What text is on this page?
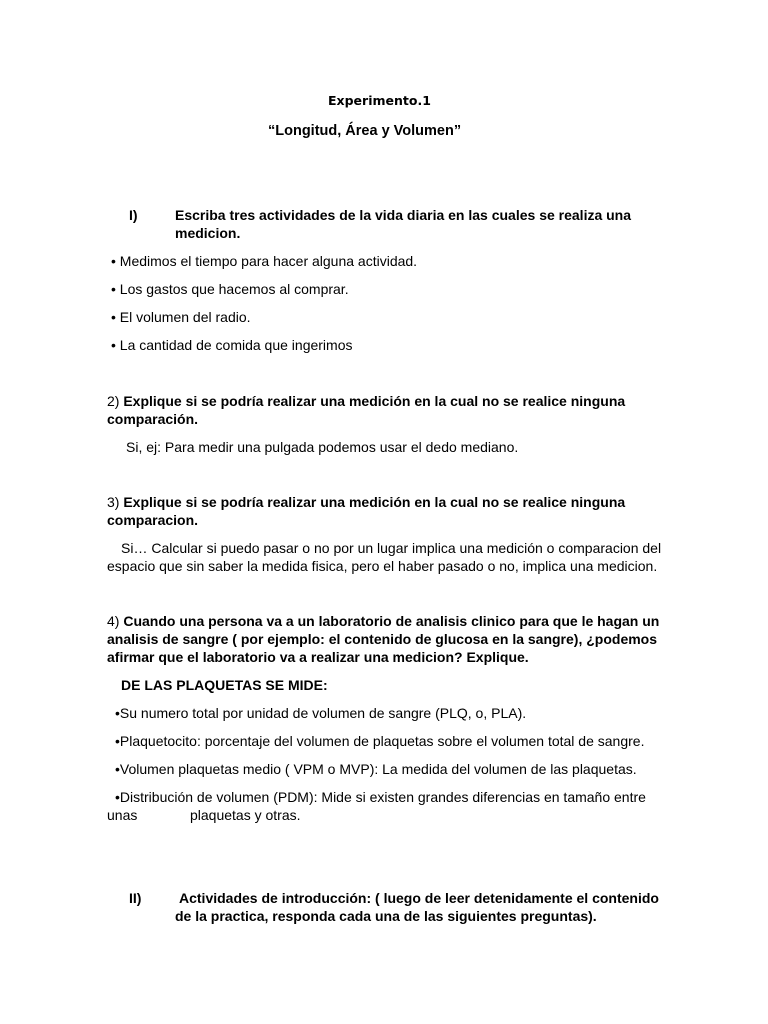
Experimento.1
“Longitud, Área y Volumen”
I)	Escriba tres actividades de la vida diaria en las cuales se realiza una
medicion.
• Medimos el tiempo para hacer alguna actividad.
• Los gastos que hacemos al comprar.
• El volumen del radio.
• La cantidad de comida que ingerimos
2) Explique si se podría realizar una medición en la cual no se realice ninguna
comparación.
Si, ej: Para medir una pulgada podemos usar el dedo mediano.
3) Explique si se podría realizar una medición en la cual no se realice ninguna
comparacion.
Si… Calcular si puedo pasar o no por un lugar implica una medición o comparacion del
espacio que sin saber la medida fisica, pero el haber pasado o no, implica una medicion.
4) Cuando una persona va a un laboratorio de analisis clinico para que le hagan un
analisis de sangre ( por ejemplo: el contenido de glucosa en la sangre), ¿podemos
afirmar que el laboratorio va a realizar una medicion? Explique.
DE LAS PLAQUETAS SE MIDE:
•Su numero total por unidad de volumen de sangre (PLQ, o, PLA).
•Plaquetocito: porcentaje del volumen de plaquetas sobre el volumen total de sangre.
•Volumen plaquetas medio ( VPM o MVP): La medida del volumen de las plaquetas.
•Distribución de volumen (PDM): Mide si existen grandes diferencias en tamaño entre
unas	plaquetas y otras.
II)	Actividades de introducción: ( luego de leer detenidamente el contenido
de la practica, responda cada una de las siguientes preguntas).
